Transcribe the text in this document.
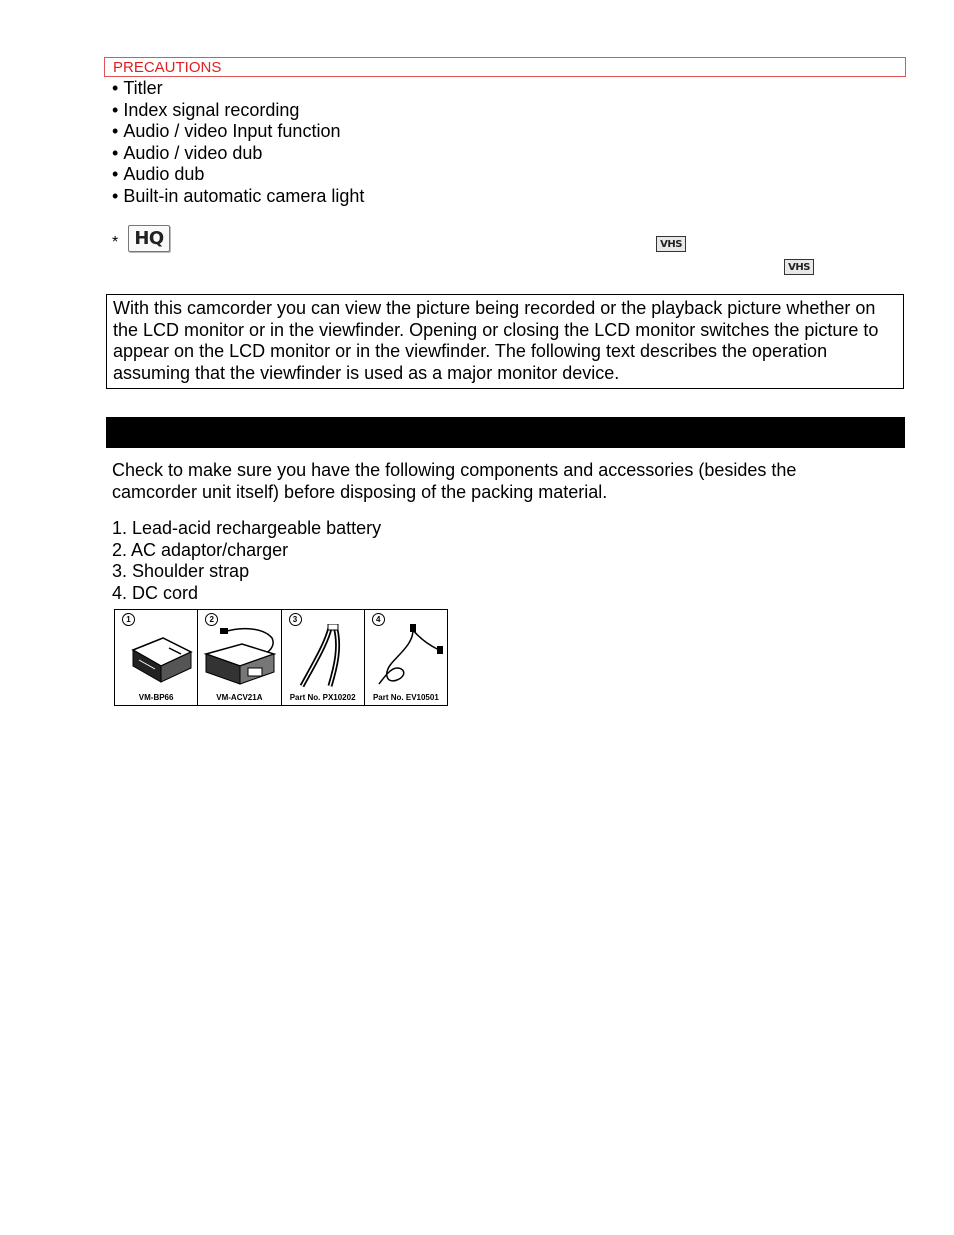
PRECAUTIONS
• Titler
• Index signal recording
• Audio / video Input function
• Audio / video dub
• Audio dub
• Built-in automatic camera light
* HQ	VHS
VHS
With this camcorder you can view the picture being recorded or the playback picture whether on the LCD monitor or in the viewfinder. Opening or closing the LCD monitor switches the picture to appear on the LCD monitor or in the viewfinder. The following text describes the operation assuming that the viewfinder is used as a major monitor device.

Check to make sure you have the following components and accessories (besides the camcorder unit itself) before disposing of the packing material.

1. Lead-acid rechargeable battery
2. AC adaptor/charger
3. Shoulder strap
4. DC cord
1
VM-BP66
2
VM-ACV21A
3
Part No. PX10202
4
Part No. EV10501
